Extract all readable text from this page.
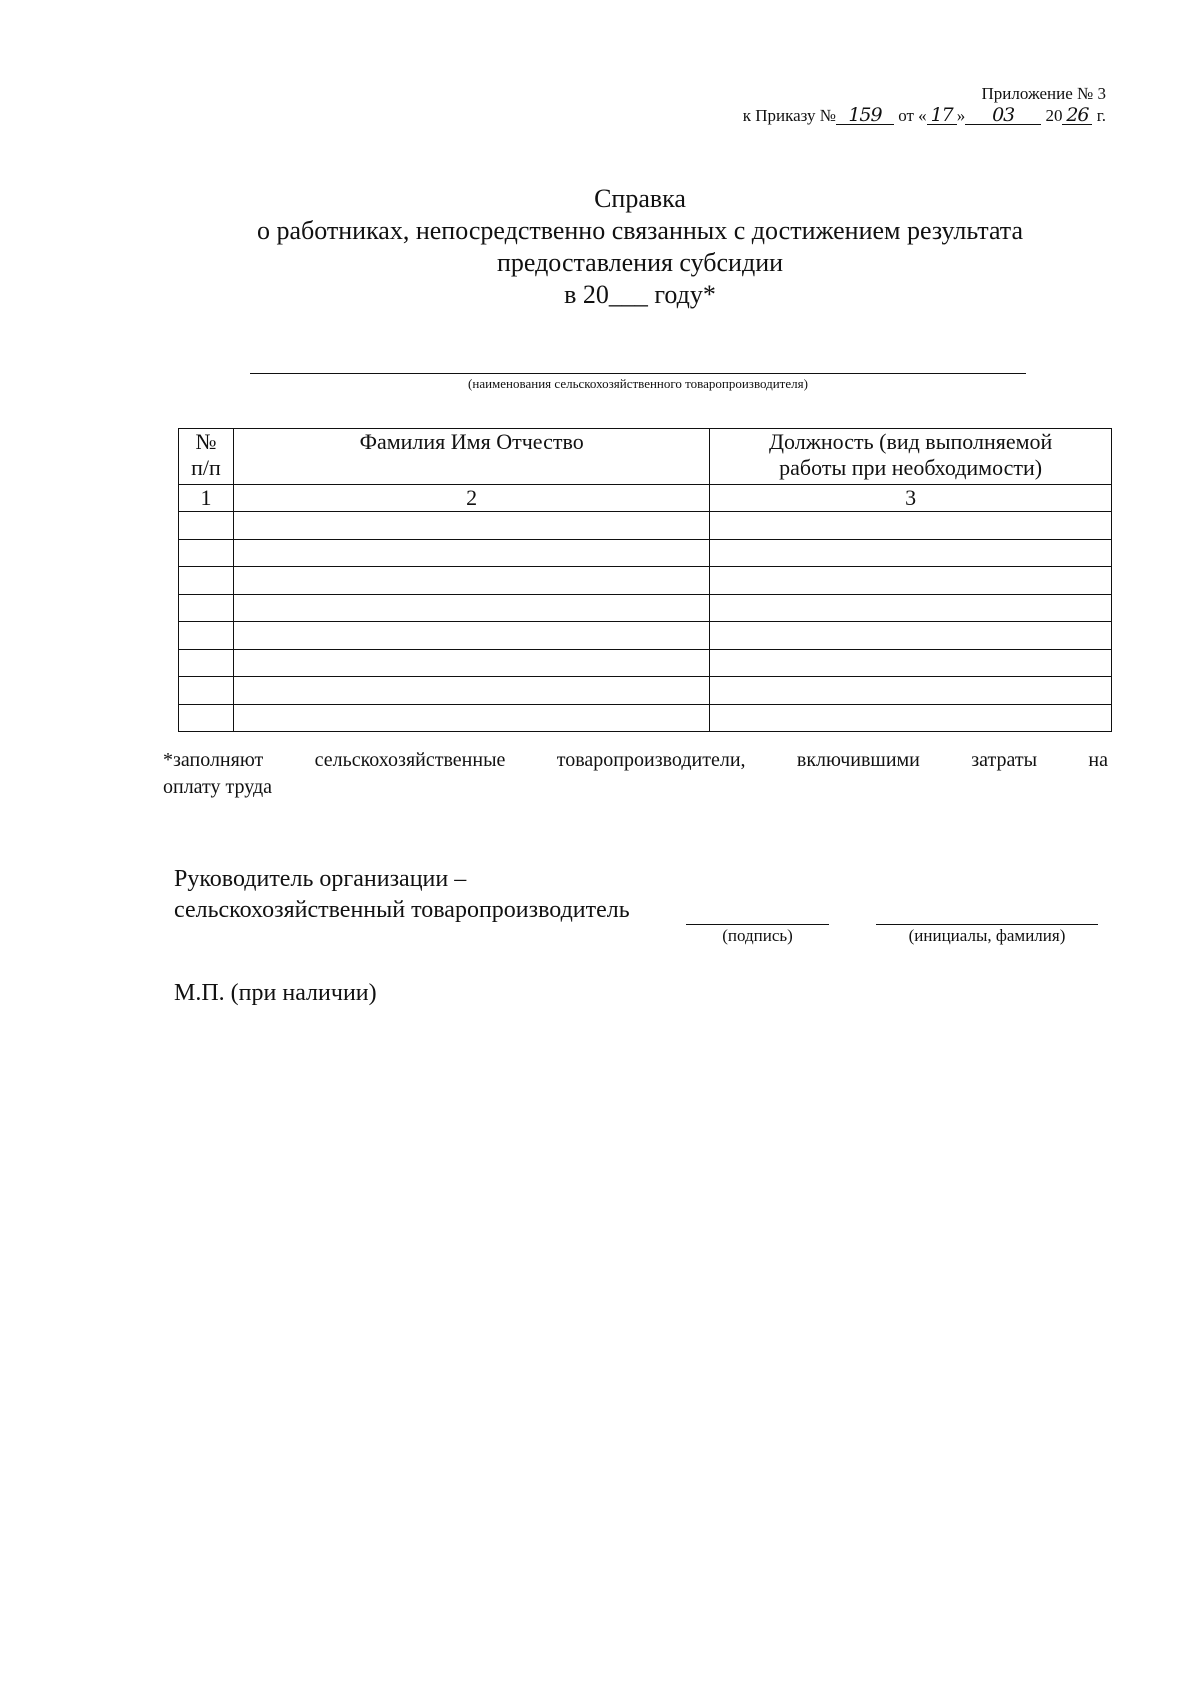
Приложение № 3
к Приказу № 159 от « 17 » 03 20 26 г.
Справка
о работниках, непосредственно связанных с достижением результата
предоставления субсидии
в 20___ году*
(наименования сельскохозяйственного товаропроизводителя)
№ п/п	Фамилия Имя Отчество	Должность (вид выполняемой работы при необходимости)
1	2	3

*заполняют сельскохозяйственные товаропроизводители, включившими затраты на
оплату труда
Руководитель организации –
сельскохозяйственный товаропроизводитель
(подпись)	(инициалы, фамилия)
М.П. (при наличии)
